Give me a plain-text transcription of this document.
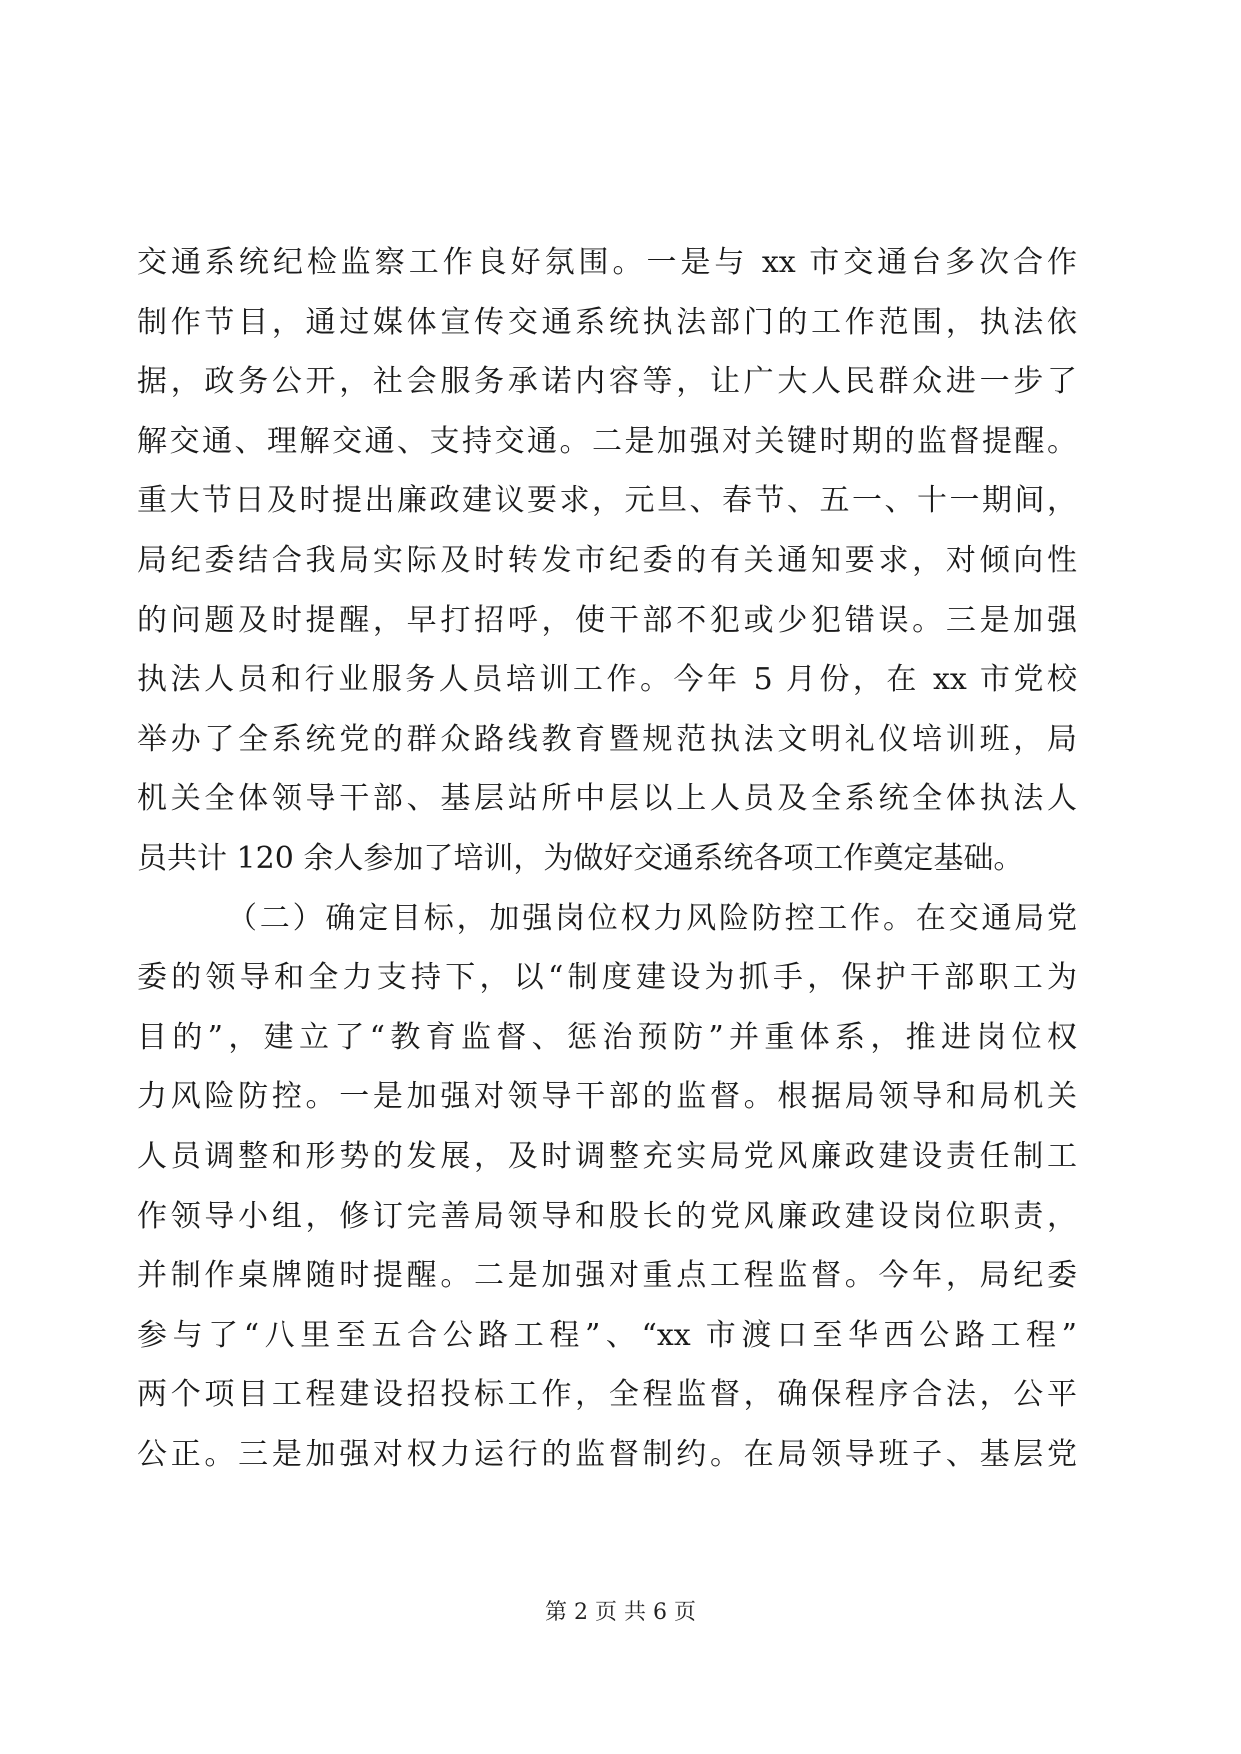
交通系统纪检监察工作良好氛围。一是与 xx 市交通台多次合作
制作节目，通过媒体宣传交通系统执法部门的工作范围，执法依
据，政务公开，社会服务承诺内容等，让广大人民群众进一步了
解交通、理解交通、支持交通。二是加强对关键时期的监督提醒。
重大节日及时提出廉政建议要求，元旦、春节、五一、十一期间，
局纪委结合我局实际及时转发市纪委的有关通知要求，对倾向性
的问题及时提醒，早打招呼，使干部不犯或少犯错误。三是加强
执法人员和行业服务人员培训工作。今年 5 月份，在 xx 市党校
举办了全系统党的群众路线教育暨规范执法文明礼仪培训班，局
机关全体领导干部、基层站所中层以上人员及全系统全体执法人
员共计 120 余人参加了培训，为做好交通系统各项工作奠定基础。
（二）确定目标，加强岗位权力风险防控工作。在交通局党
委的领导和全力支持下，以“制度建设为抓手，保护干部职工为
目的”，建立了“教育监督、惩治预防”并重体系，推进岗位权
力风险防控。一是加强对领导干部的监督。根据局领导和局机关
人员调整和形势的发展，及时调整充实局党风廉政建设责任制工
作领导小组，修订完善局领导和股长的党风廉政建设岗位职责，
并制作桌牌随时提醒。二是加强对重点工程监督。今年，局纪委
参与了“八里至五合公路工程”、“xx 市渡口至华西公路工程”
两个项目工程建设招投标工作，全程监督，确保程序合法，公平
公正。三是加强对权力运行的监督制约。在局领导班子、基层党
第 2 页 共 6 页
